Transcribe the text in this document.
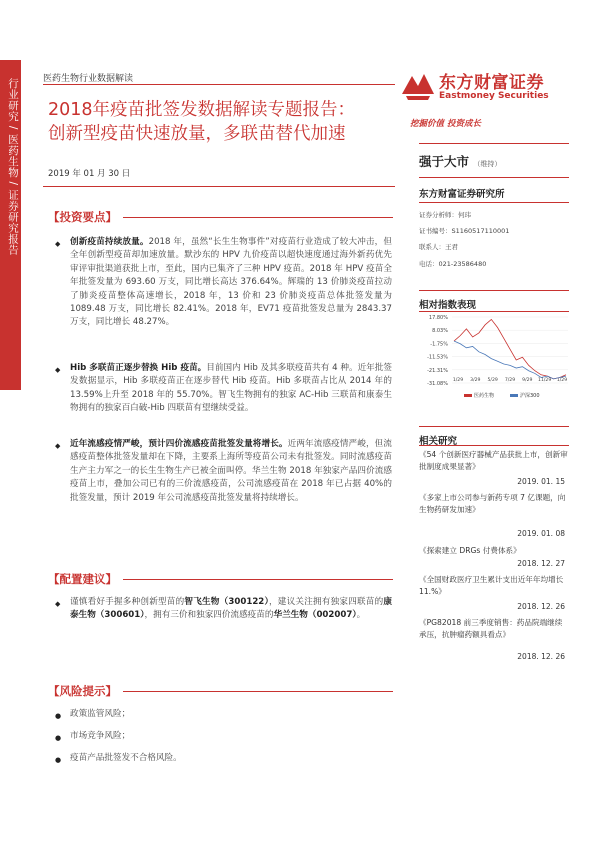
行业研究 / 医药生物 / 证券研究报告	医药生物行业数据解读	东方财富证券
Eastmoney Securities
挖掘价值 投资成长
2018年疫苗批签发数据解读专题报告：
创新型疫苗快速放量，多联苗替代加速
2019 年 01 月 30 日
【投资要点】
◆ 创新疫苗持续放量。2018 年，虽然“长生生物事件”对疫苗行业造成了较大冲击，但全年创新型疫苗却加速放量。默沙东的 HPV 九价疫苗以超快速度通过海外新药优先审评审批渠道获批上市，至此，国内已集齐了三种 HPV 疫苗。2018 年 HPV 疫苗全年批签发量为 693.60 万支，同比增长高达 376.64%。辉瑞的 13 价肺炎疫苗拉动了肺炎疫苗整体高速增长，2018 年，13 价和 23 价肺炎疫苗总体批签发量为 1089.48 万支，同比增长 82.41%。2018 年，EV71 疫苗批签发总量为 2843.37 万支，同比增长 48.27%。
◆ Hib 多联苗正逐步替换 Hib 疫苗。目前国内 Hib 及其多联疫苗共有 4 种。近年批签发数据显示，Hib 多联疫苗正在逐步替代 Hib 疫苗。Hib 多联苗占比从 2014 年的 13.59%上升至 2018 年的 55.70%。智飞生物拥有的独家 AC-Hib 三联苗和康泰生物拥有的独家百白破-Hib 四联苗有望继续受益。
◆ 近年流感疫情严峻，预计四价流感疫苗批签发量将增长。近两年流感疫情严峻，但流感疫苗整体批签发量却在下降，主要系上海所等疫苗公司未有批签发。同时流感疫苗生产主力军之一的长生生物生产已被全面叫停。华兰生物 2018 年独家产品四价流感疫苗上市，叠加公司已有的三价流感疫苗，公司流感疫苗在 2018 年已占据 40%的批签发量，预计 2019 年公司流感疫苗批签发量将持续增长。
【配置建议】
◆ 谨慎看好手握多种创新型苗的智飞生物（300122），建议关注拥有独家四联苗的康泰生物（300601），拥有三价和独家四价流感疫苗的华兰生物（002007）。
【风险提示】
● 政策监管风险；
● 市场竞争风险；
● 疫苗产品批签发不合格风险。
强于大市 （维持）
东方财富证券研究所
证券分析师：何玮
证书编号：S1160517110001
联系人：王君
电话：021-23586480
相对指数表现
17.80%
8.03%
-1.75%
-11.53%
-21.31%
-31.08%
1/29 3/29 5/29 7/29 9/29 11/29 1/29
医药生物	沪深300
相关研究
《54 个创新医疗器械产品获批上市，创新审批制度成果显著》
2019. 01. 15
《多家上市公司参与新药专项 7 亿课题，向生物药研发加速》
2019. 01. 08
《探索建立 DRGs 付费体系》
2018. 12. 27
《全国财政医疗卫生累计支出近年年均增长 11.%》
2018. 12. 26
《PG82018 前三季度销售：药品院端继续承压，抗肿瘤药额具看点》
2018. 12. 26
